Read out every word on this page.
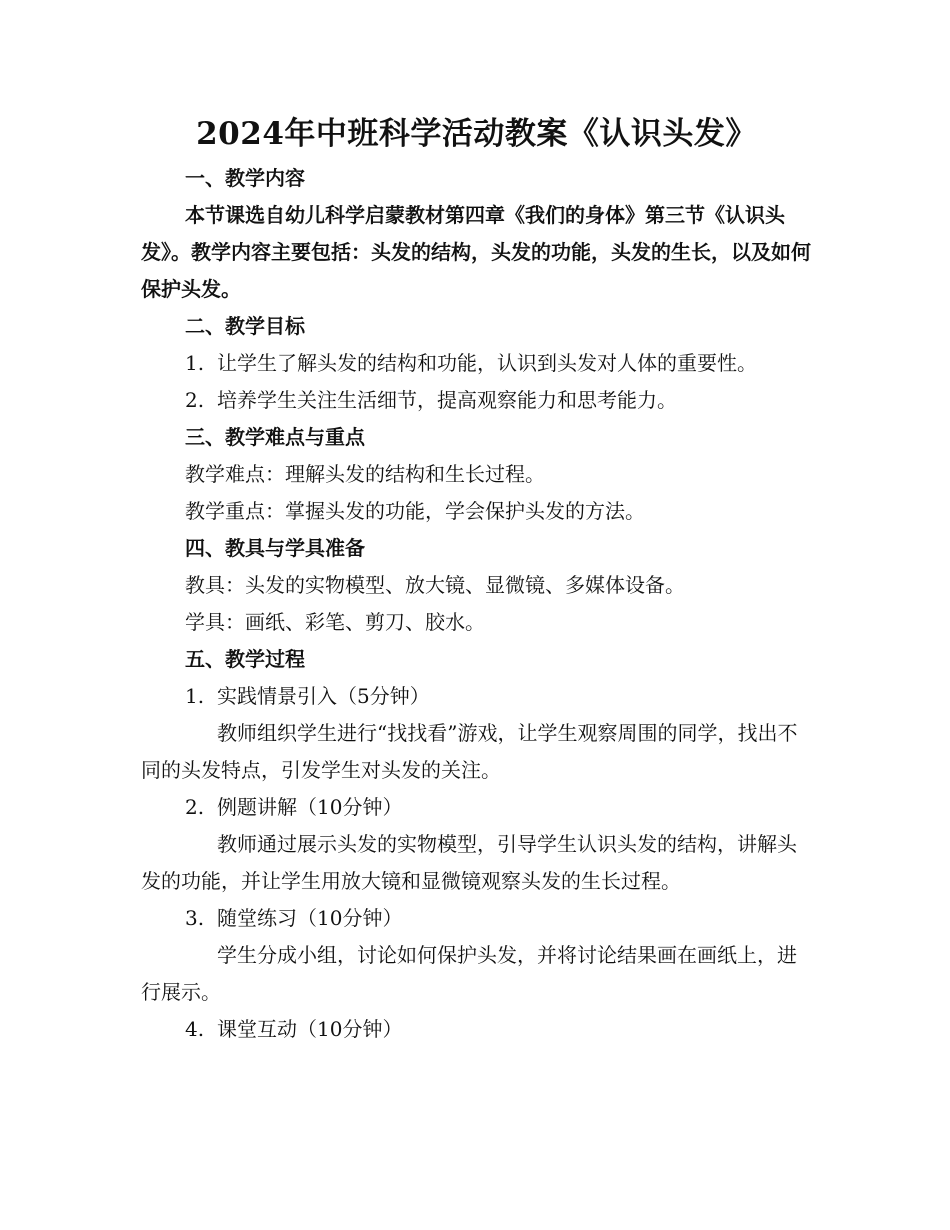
2024年中班科学活动教案《认识头发》

一、教学内容

本节课选自幼儿科学启蒙教材第四章《我们的身体》第三节《认识头发》。教学内容主要包括：头发的结构，头发的功能，头发的生长，以及如何保护头发。

二、教学目标

1. 让学生了解头发的结构和功能，认识到头发对人体的重要性。

2. 培养学生关注生活细节，提高观察能力和思考能力。

三、教学难点与重点

教学难点：理解头发的结构和生长过程。

教学重点：掌握头发的功能，学会保护头发的方法。

四、教具与学具准备

教具：头发的实物模型、放大镜、显微镜、多媒体设备。

学具：画纸、彩笔、剪刀、胶水。

五、教学过程

1. 实践情景引入（5分钟）

教师组织学生进行“找找看”游戏，让学生观察周围的同学，找出不同的头发特点，引发学生对头发的关注。

2. 例题讲解（10分钟）

教师通过展示头发的实物模型，引导学生认识头发的结构，讲解头发的功能，并让学生用放大镜和显微镜观察头发的生长过程。

3. 随堂练习（10分钟）

学生分成小组，讨论如何保护头发，并将讨论结果画在画纸上，进行展示。

4. 课堂互动（10分钟）
